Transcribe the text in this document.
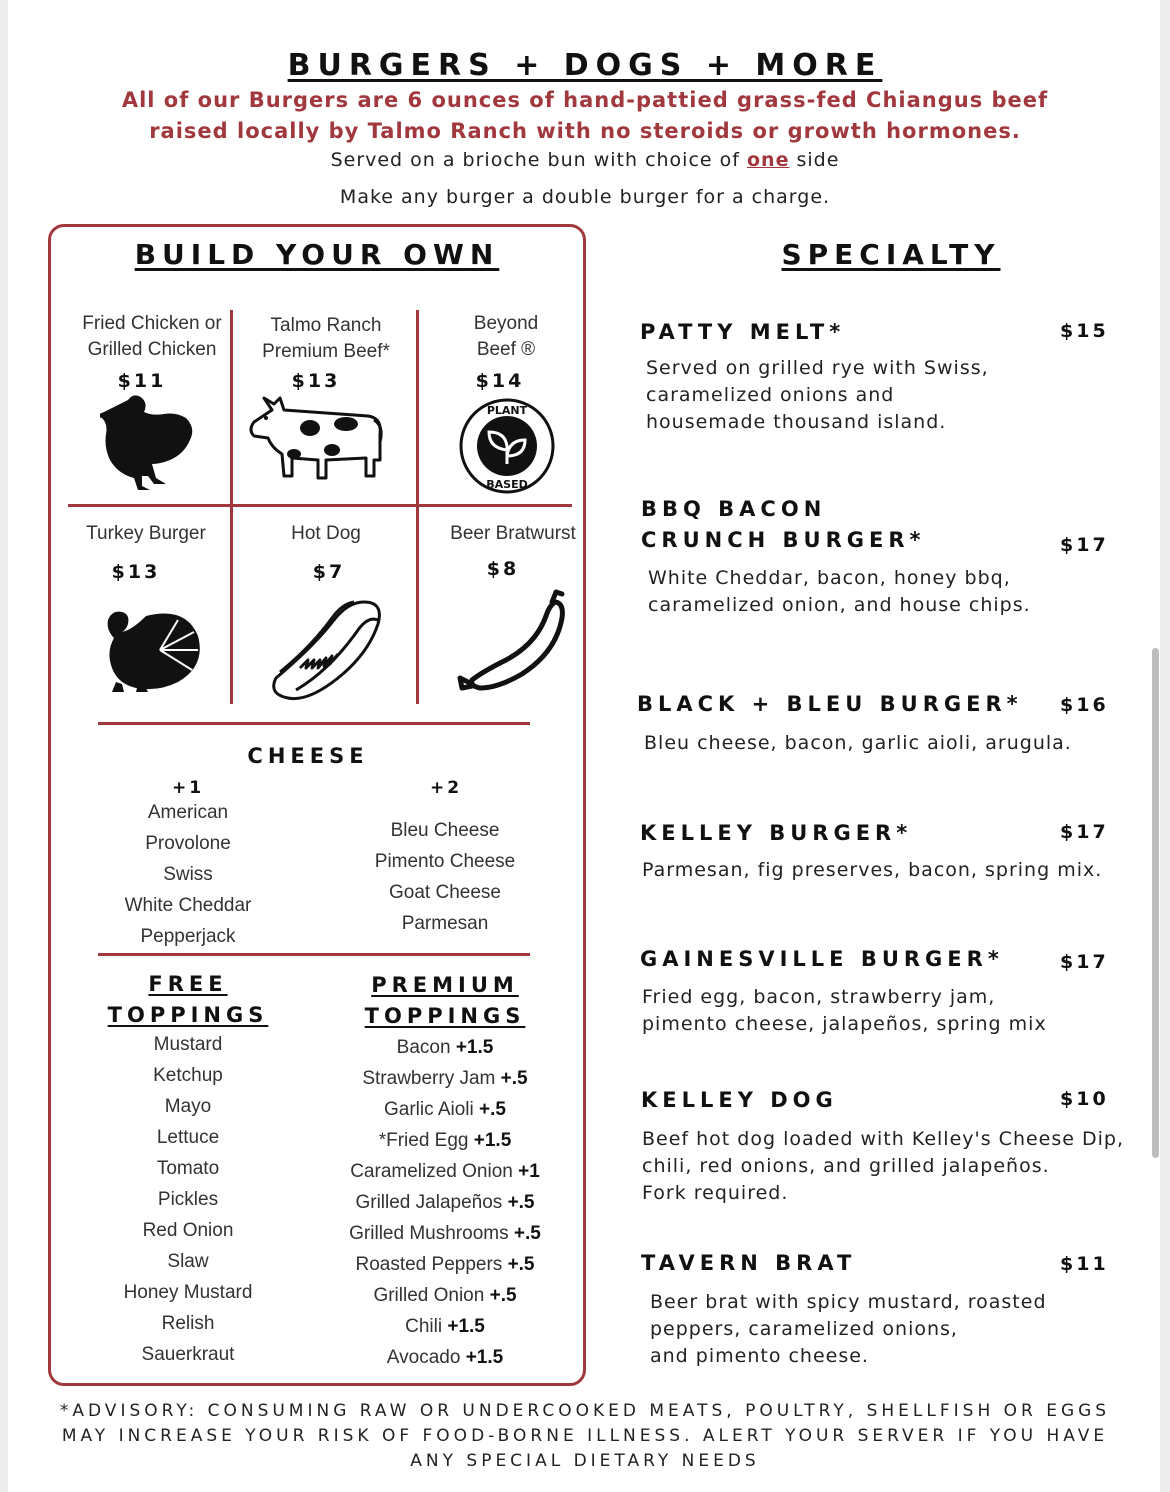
BURGERS + DOGS + MORE
All of our Burgers are 6 ounces of hand-pattied grass-fed Chiangus beef
raised locally by Talmo Ranch with no steroids or growth hormones.
Served on a brioche bun with choice of one side
Make any burger a double burger for a charge.
BUILD YOUR OWN
Fried Chicken or
Grilled Chicken
$11
Talmo Ranch
Premium Beef*
$13
Beyond
Beef ®
$14
PLANT
BASED
Turkey Burger
$13
Hot Dog
$7
Beer Bratwurst
$8
CHEESE
+1
American
Provolone
Swiss
White Cheddar
Pepperjack
+2
Bleu Cheese
Pimento Cheese
Goat Cheese
Parmesan
FREE
TOPPINGS
Mustard
Ketchup
Mayo
Lettuce
Tomato
Pickles
Red Onion
Slaw
Honey Mustard
Relish
Sauerkraut
PREMIUM
TOPPINGS
Bacon +1.5
Strawberry Jam +.5
Garlic Aioli +.5
*Fried Egg +1.5
Caramelized Onion +1
Grilled Jalapeños +.5
Grilled Mushrooms +.5
Roasted Peppers +.5
Grilled Onion +.5
Chili +1.5
Avocado +1.5
SPECIALTY
PATTY MELT*	$15
Served on grilled rye with Swiss,
caramelized onions and
housemade thousand island.
BBQ BACON
CRUNCH BURGER*	$17
White Cheddar, bacon, honey bbq,
caramelized onion, and house chips.
BLACK + BLEU BURGER* $16
Bleu cheese, bacon, garlic aioli, arugula.
KELLEY BURGER*	$17
Parmesan, fig preserves, bacon, spring mix.
GAINESVILLE BURGER*	$17
Fried egg, bacon, strawberry jam,
pimento cheese, jalapeños, spring mix
KELLEY DOG	$10
Beef hot dog loaded with Kelley's Cheese Dip,
chili, red onions, and grilled jalapeños.
Fork required.
TAVERN BRAT	$11
Beer brat with spicy mustard, roasted
peppers, caramelized onions,
and pimento cheese.
*ADVISORY: CONSUMING RAW OR UNDERCOOKED MEATS, POULTRY, SHELLFISH OR EGGS
MAY INCREASE YOUR RISK OF FOOD-BORNE ILLNESS. ALERT YOUR SERVER IF YOU HAVE
ANY SPECIAL DIETARY NEEDS
